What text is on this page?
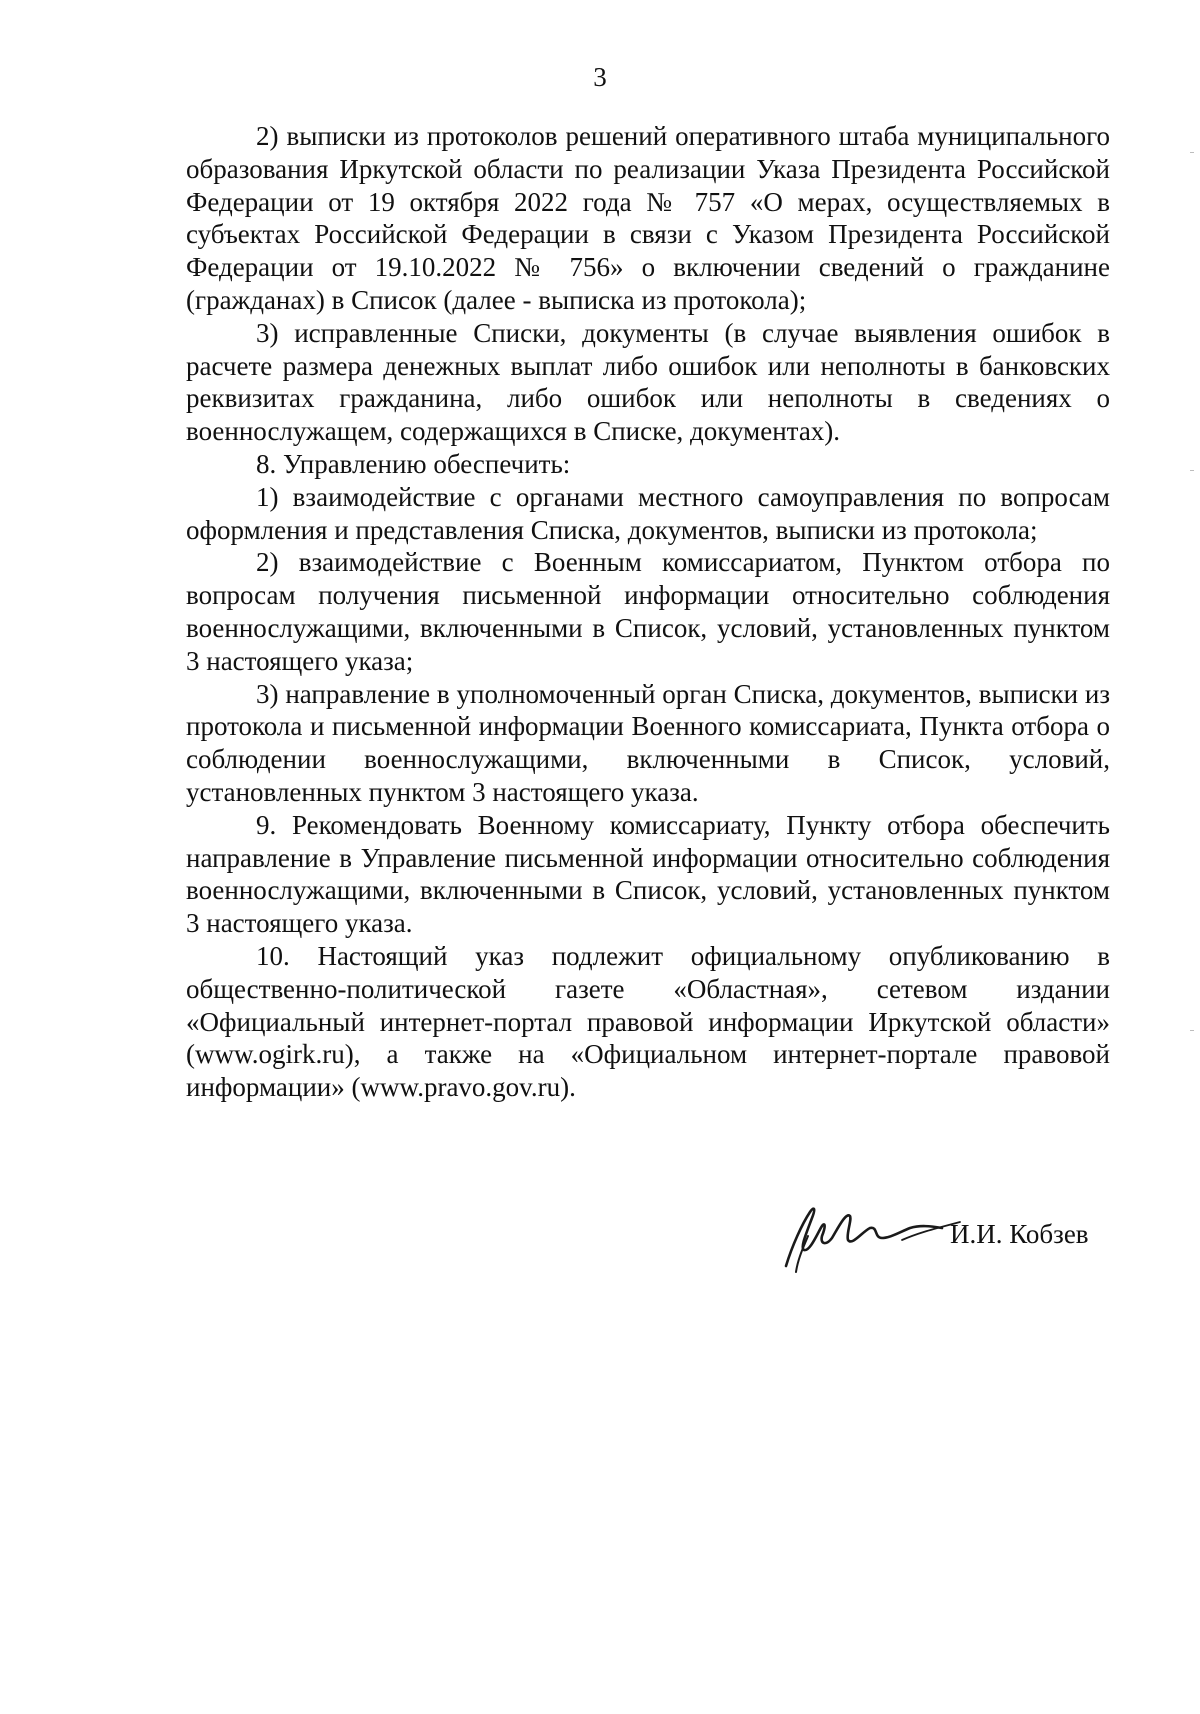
3

2) выписки из протоколов решений оперативного штаба муниципального образования Иркутской области по реализации Указа Президента Российской Федерации от 19 октября 2022 года № 757 «О мерах, осуществляемых в субъектах Российской Федерации в связи с Указом Президента Российской Федерации от 19.10.2022 № 756» о включении сведений о гражданине (гражданах) в Список (далее - выписка из протокола);

3) исправленные Списки, документы (в случае выявления ошибок в расчете размера денежных выплат либо ошибок или неполноты в банковских реквизитах гражданина, либо ошибок или неполноты в сведениях о военнослужащем, содержащихся в Списке, документах).

8. Управлению обеспечить:

1) взаимодействие с органами местного самоуправления по вопросам оформления и представления Списка, документов, выписки из протокола;

2) взаимодействие с Военным комиссариатом, Пунктом отбора по вопросам получения письменной информации относительно соблюдения военнослужащими, включенными в Список, условий, установленных пунктом 3 настоящего указа;

3) направление в уполномоченный орган Списка, документов, выписки из протокола и письменной информации Военного комиссариата, Пункта отбора о соблюдении военнослужащими, включенными в Список, условий, установленных пунктом 3 настоящего указа.

9. Рекомендовать Военному комиссариату, Пункту отбора обеспечить направление в Управление письменной информации относительно соблюдения военнослужащими, включенными в Список, условий, установленных пунктом 3 настоящего указа.

10. Настоящий указ подлежит официальному опубликованию в общественно-политической газете «Областная», сетевом издании «Официальный интернет-портал правовой информации Иркутской области» (www.ogirk.ru), а также на «Официальном интернет-портале правовой информации» (www.pravo.gov.ru).

И.И. Кобзев
